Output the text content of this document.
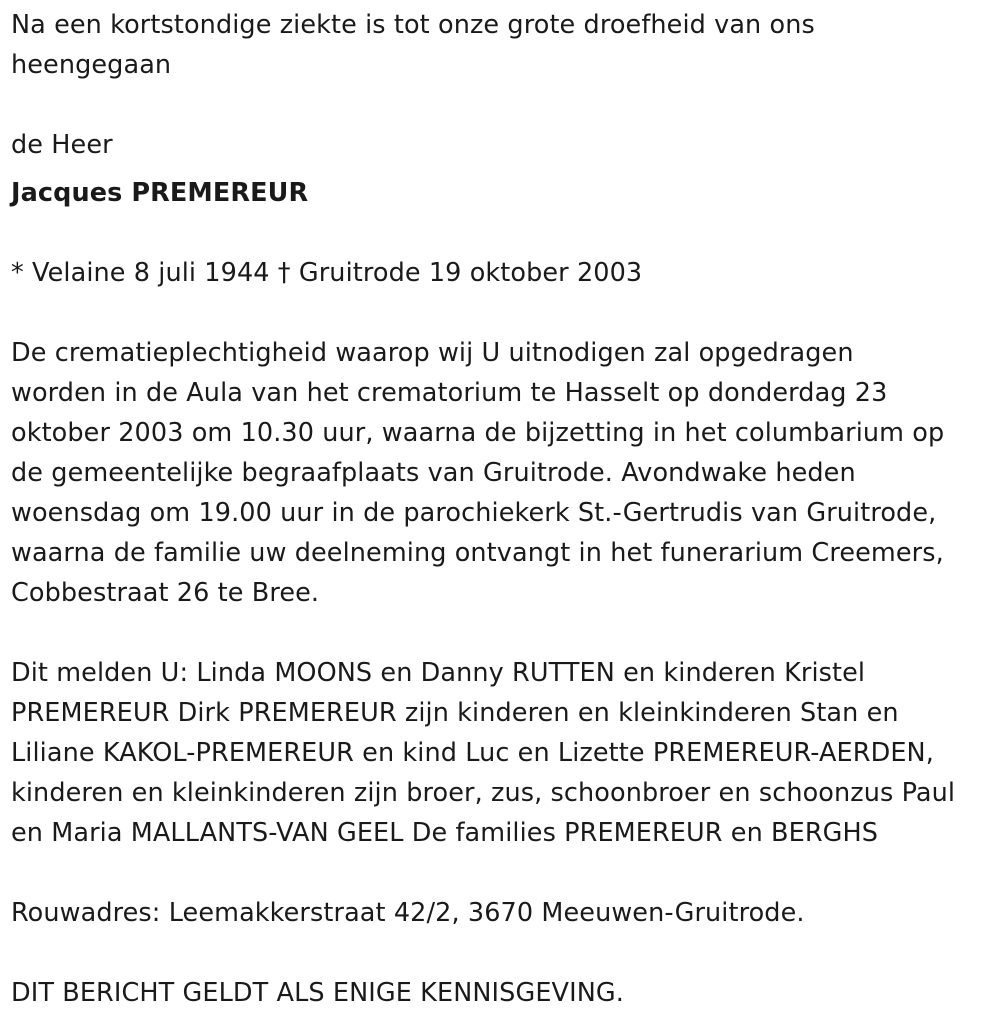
Na een kortstondige ziekte is tot onze grote droefheid van ons
heengegaan

de Heer

Jacques PREMEREUR

* Velaine 8 juli 1944 † Gruitrode 19 oktober 2003

De crematieplechtigheid waarop wij U uitnodigen zal opgedragen
worden in de Aula van het crematorium te Hasselt op donderdag 23
oktober 2003 om 10.30 uur, waarna de bijzetting in het columbarium op
de gemeentelijke begraafplaats van Gruitrode. Avondwake heden
woensdag om 19.00 uur in de parochiekerk St.-Gertrudis van Gruitrode,
waarna de familie uw deelneming ontvangt in het funerarium Creemers,
Cobbestraat 26 te Bree.

Dit melden U: Linda MOONS en Danny RUTTEN en kinderen Kristel
PREMEREUR Dirk PREMEREUR zijn kinderen en kleinkinderen Stan en
Liliane KAKOL-PREMEREUR en kind Luc en Lizette PREMEREUR-AERDEN,
kinderen en kleinkinderen zijn broer, zus, schoonbroer en schoonzus Paul
en Maria MALLANTS-VAN GEEL De families PREMEREUR en BERGHS

Rouwadres: Leemakkerstraat 42/2, 3670 Meeuwen-Gruitrode.

DIT BERICHT GELDT ALS ENIGE KENNISGEVING.
